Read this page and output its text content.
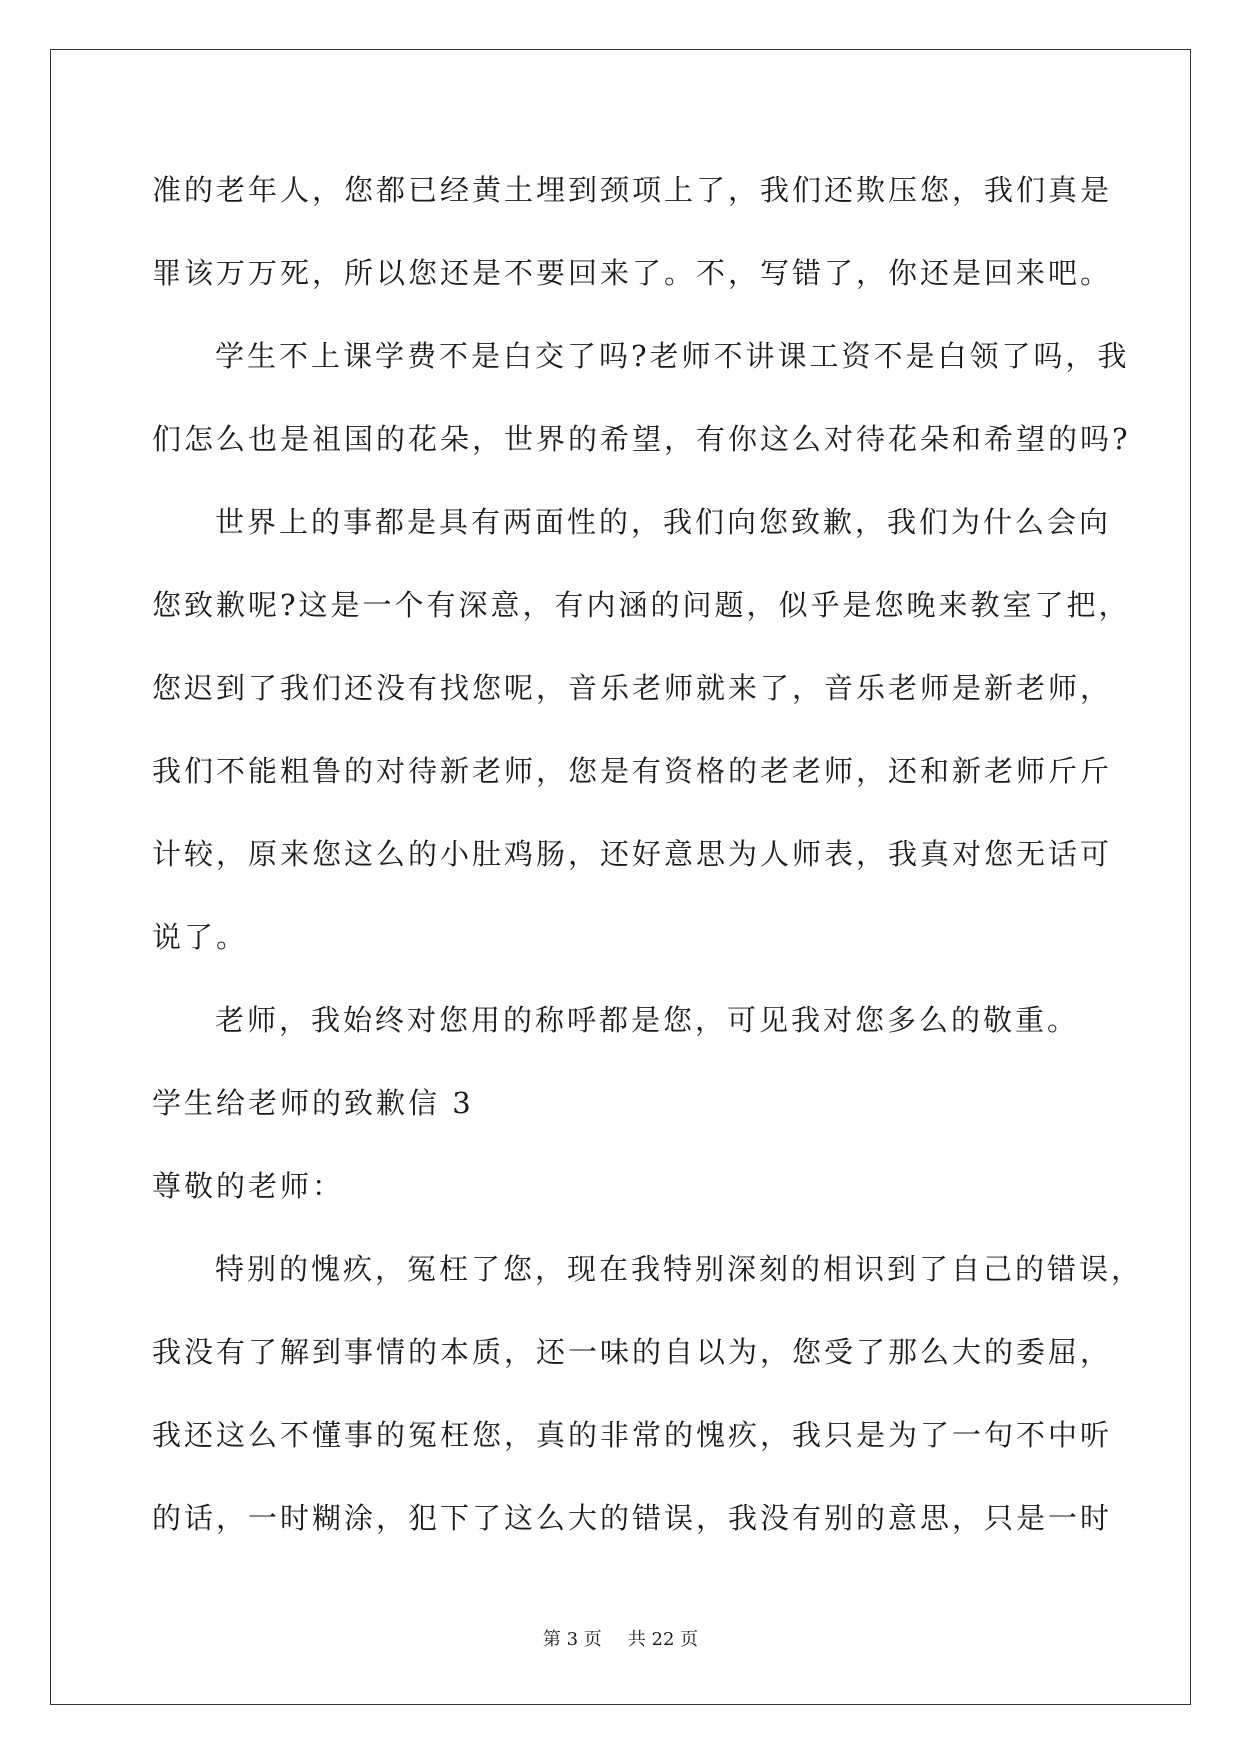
准的老年人，您都已经黄土埋到颈项上了，我们还欺压您，我们真是
罪该万万死，所以您还是不要回来了。不，写错了，你还是回来吧。
学生不上课学费不是白交了吗?老师不讲课工资不是白领了吗，我
们怎么也是祖国的花朵，世界的希望，有你这么对待花朵和希望的吗?
世界上的事都是具有两面性的，我们向您致歉，我们为什么会向
您致歉呢?这是一个有深意，有内涵的问题，似乎是您晚来教室了把，
您迟到了我们还没有找您呢，音乐老师就来了，音乐老师是新老师，
我们不能粗鲁的对待新老师，您是有资格的老老师，还和新老师斤斤
计较，原来您这么的小肚鸡肠，还好意思为人师表，我真对您无话可
说了。
老师，我始终对您用的称呼都是您，可见我对您多么的敬重。
学生给老师的致歉信 3
尊敬的老师：
特别的愧疚，冤枉了您，现在我特别深刻的相识到了自己的错误，
我没有了解到事情的本质，还一味的自以为，您受了那么大的委屈，
我还这么不懂事的冤枉您，真的非常的愧疚，我只是为了一句不中听
的话，一时糊涂，犯下了这么大的错误，我没有别的意思，只是一时
第 3 页 共 22 页
